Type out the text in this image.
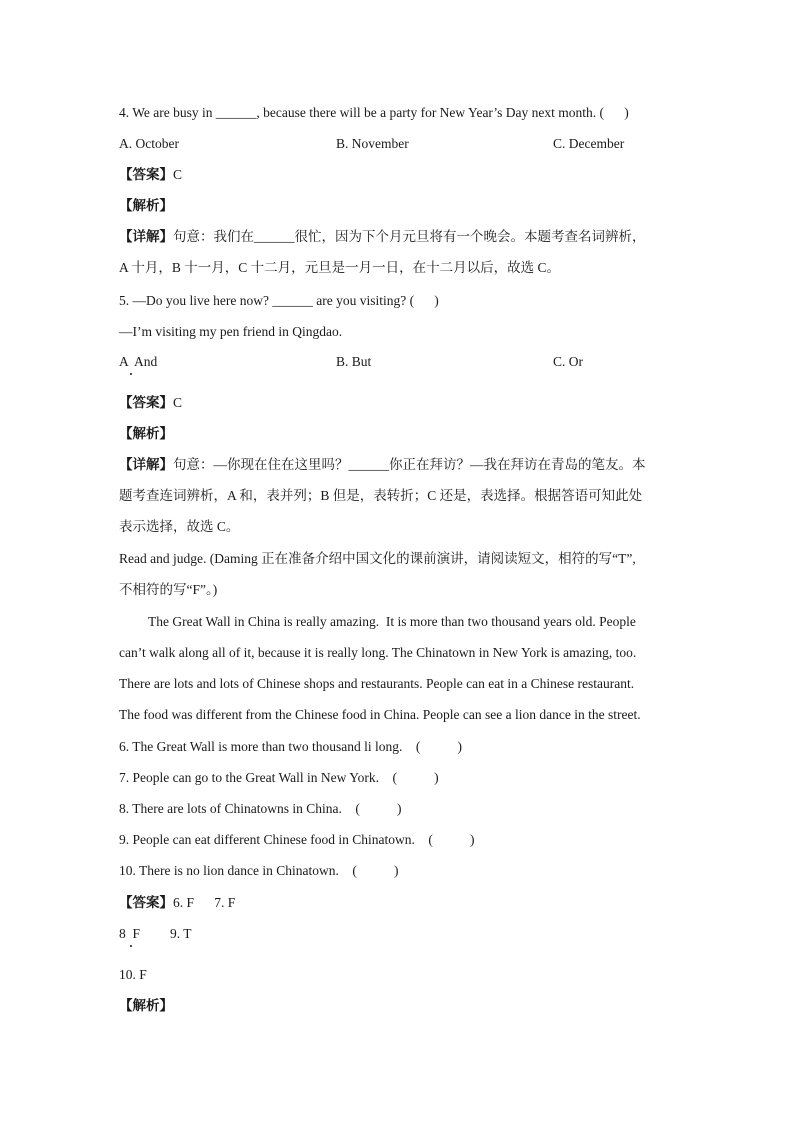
4. We are busy in ______, because there will be a party for New Year’s Day next month. (      )
A. October	B. November	C. December
【答案】C
【解析】
【详解】句意：我们在______很忙，因为下个月元旦将有一个晚会。本题考查名词辨析，
A 十月，B 十一月，C 十二月，元旦是一月一日，在十二月以后，故选 C。
5. —Do you live here now? ______ are you visiting? (      )
—I’m visiting my pen friend in Qingdao.
A  And	B. But	C. Or
【答案】C
【解析】
【详解】句意：—你现在住在这里吗？______你正在拜访？—我在拜访在青岛的笔友。本
题考查连词辨析，A 和，表并列；B 但是，表转折；C 还是，表选择。根据答语可知此处
表示选择，故选 C。
Read and judge. (Daming 正在准备介绍中国文化的课前演讲，请阅读短文，相符的写“T”,
不相符的写“F”。)
The Great Wall in China is really amazing.  It is more than two thousand years old. People
can’t walk along all of it, because it is really long. The Chinatown in New York is amazing, too.
There are lots and lots of Chinese shops and restaurants. People can eat in a Chinese restaurant.
The food was different from the Chinese food in China. People can see a lion dance in the street.
6. The Great Wall is more than two thousand li long.    (           )
7. People can go to the Great Wall in New York.    (           )
8. There are lots of Chinatowns in China.    (           )
9. People can eat different Chinese food in Chinatown.    (           )
10. There is no lion dance in Chinatown.    (           )
【答案】6. F 7. F
8  F 9. T
10. F
【解析】
